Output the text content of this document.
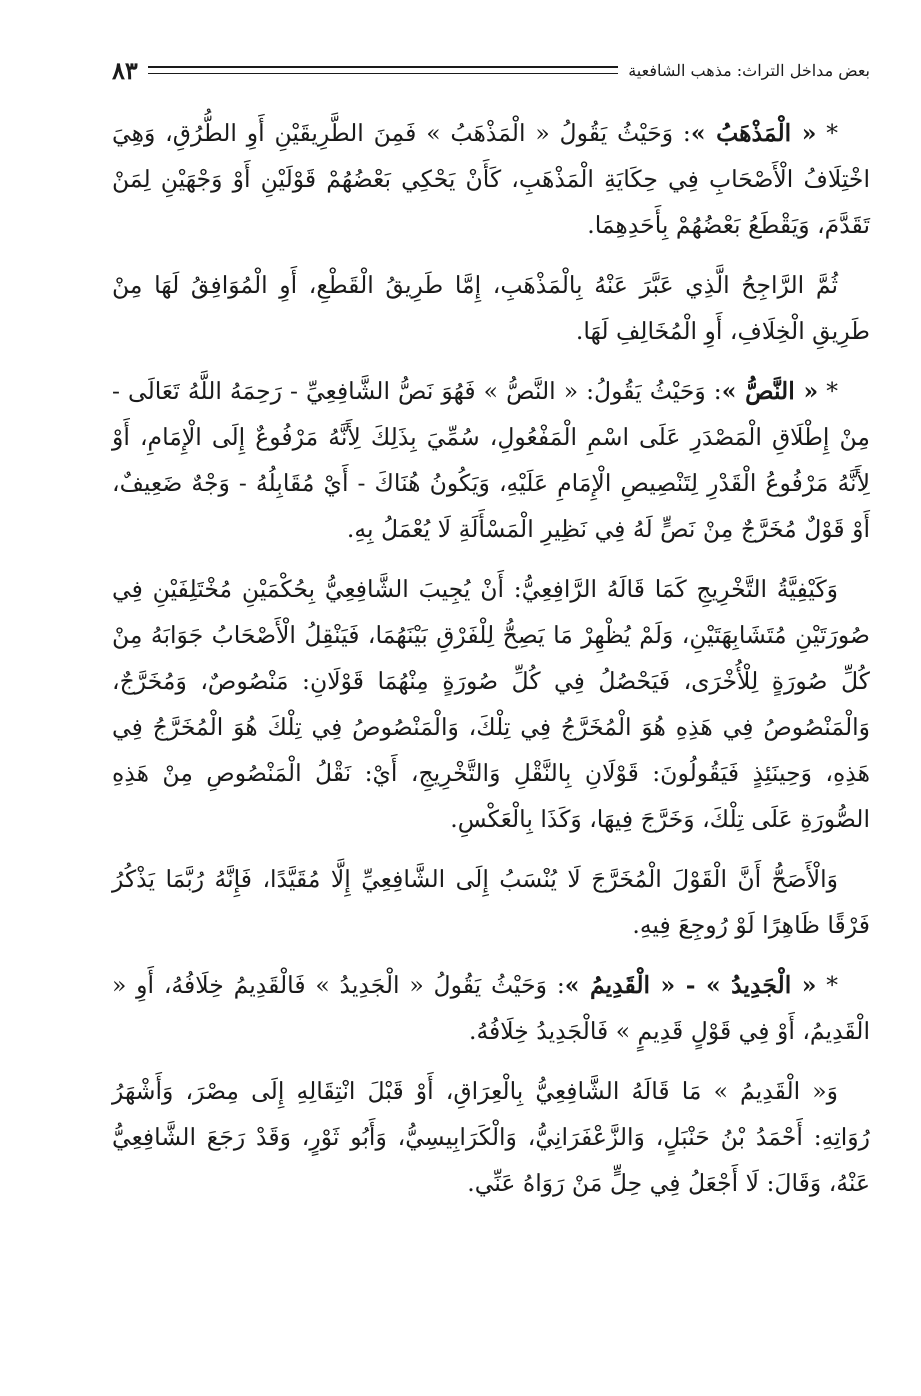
بعض مداخل التراث: مذهب الشافعية
٨٣

* « الْمَذْهَبُ »: وَحَيْثُ يَقُولُ « الْمَذْهَبُ » فَمِنَ الطَّرِيقَيْنِ أَوِ الطُّرُقِ، وَهِيَ اخْتِلَافُ الْأَصْحَابِ فِي حِكَايَةِ الْمَذْهَبِ، كَأَنْ يَحْكِي بَعْضُهُمْ قَوْلَيْنِ أَوْ وَجْهَيْنِ لِمَنْ تَقَدَّمَ، وَيَقْطَعُ بَعْضُهُمْ بِأَحَدِهِمَا.

ثُمَّ الرَّاجِحُ الَّذِي عَبَّرَ عَنْهُ بِالْمَذْهَبِ، إِمَّا طَرِيقُ الْقَطْعِ، أَوِ الْمُوَافِقُ لَهَا مِنْ طَرِيقِ الْخِلَافِ، أَوِ الْمُخَالِفِ لَهَا.

* « النَّصُّ »: وَحَيْثُ يَقُولُ: « النَّصُّ » فَهُوَ نَصُّ الشَّافِعِيِّ - رَحِمَهُ اللَّهُ تَعَالَى - مِنْ إِطْلَاقِ الْمَصْدَرِ عَلَى اسْمِ الْمَفْعُولِ، سُمِّيَ بِذَلِكَ لِأَنَّهُ مَرْفُوعٌ إِلَى الْإِمَامِ، أَوْ لِأَنَّهُ مَرْفُوعُ الْقَدْرِ لِتَنْصِيصِ الْإِمَامِ عَلَيْهِ، وَيَكُونُ هُنَاكَ - أَيْ مُقَابِلُهُ - وَجْهٌ ضَعِيفٌ، أَوْ قَوْلٌ مُخَرَّجٌ مِنْ نَصٍّ لَهُ فِي نَظِيرِ الْمَسْأَلَةِ لَا يُعْمَلُ بِهِ.

وَكَيْفِيَّةُ التَّخْرِيجِ كَمَا قَالَهُ الرَّافِعِيُّ: أَنْ يُجِيبَ الشَّافِعِيُّ بِحُكْمَيْنِ مُخْتَلِفَيْنِ فِي صُورَتَيْنِ مُتَشَابِهَتَيْنِ، وَلَمْ يُظْهِرْ مَا يَصِحُّ لِلْفَرْقِ بَيْنَهُمَا، فَيَنْقِلُ الْأَصْحَابُ جَوَابَهُ مِنْ كُلِّ صُورَةٍ لِلْأُخْرَى، فَيَحْصُلُ فِي كُلِّ صُورَةٍ مِنْهُمَا قَوْلَانِ: مَنْصُوصٌ، وَمُخَرَّجٌ، وَالْمَنْصُوصُ فِي هَذِهِ هُوَ الْمُخَرَّجُ فِي تِلْكَ، وَالْمَنْصُوصُ فِي تِلْكَ هُوَ الْمُخَرَّجُ فِي هَذِهِ، وَحِينَئِذٍ فَيَقُولُونَ: قَوْلَانِ بِالنَّقْلِ وَالتَّخْرِيجِ، أَيْ: نَقْلُ الْمَنْصُوصِ مِنْ هَذِهِ الصُّورَةِ عَلَى تِلْكَ، وَخَرَّجَ فِيهَا، وَكَذَا بِالْعَكْسِ.

وَالْأَصَحُّ أَنَّ الْقَوْلَ الْمُخَرَّجَ لَا يُنْسَبُ إِلَى الشَّافِعِيِّ إِلَّا مُقَيَّدًا، فَإِنَّهُ رُبَّمَا يَذْكُرُ فَرْقًا ظَاهِرًا لَوْ رُوجِعَ فِيهِ.

* « الْجَدِيدُ » - « الْقَدِيمُ »: وَحَيْثُ يَقُولُ « الْجَدِيدُ » فَالْقَدِيمُ خِلَافُهُ، أَوِ « الْقَدِيمُ، أَوْ فِي قَوْلٍ قَدِيمٍ » فَالْجَدِيدُ خِلَافُهُ.

وَ« الْقَدِيمُ » مَا قَالَهُ الشَّافِعِيُّ بِالْعِرَاقِ، أَوْ قَبْلَ انْتِقَالِهِ إِلَى مِصْرَ، وَأَشْهَرُ رُوَاتِهِ: أَحْمَدُ بْنُ حَنْبَلٍ، وَالزَّعْفَرَانِيُّ، وَالْكَرَابِيسِيُّ، وَأَبُو ثَوْرٍ، وَقَدْ رَجَعَ الشَّافِعِيُّ عَنْهُ، وَقَالَ: لَا أَجْعَلُ فِي حِلٍّ مَنْ رَوَاهُ عَنِّي.
